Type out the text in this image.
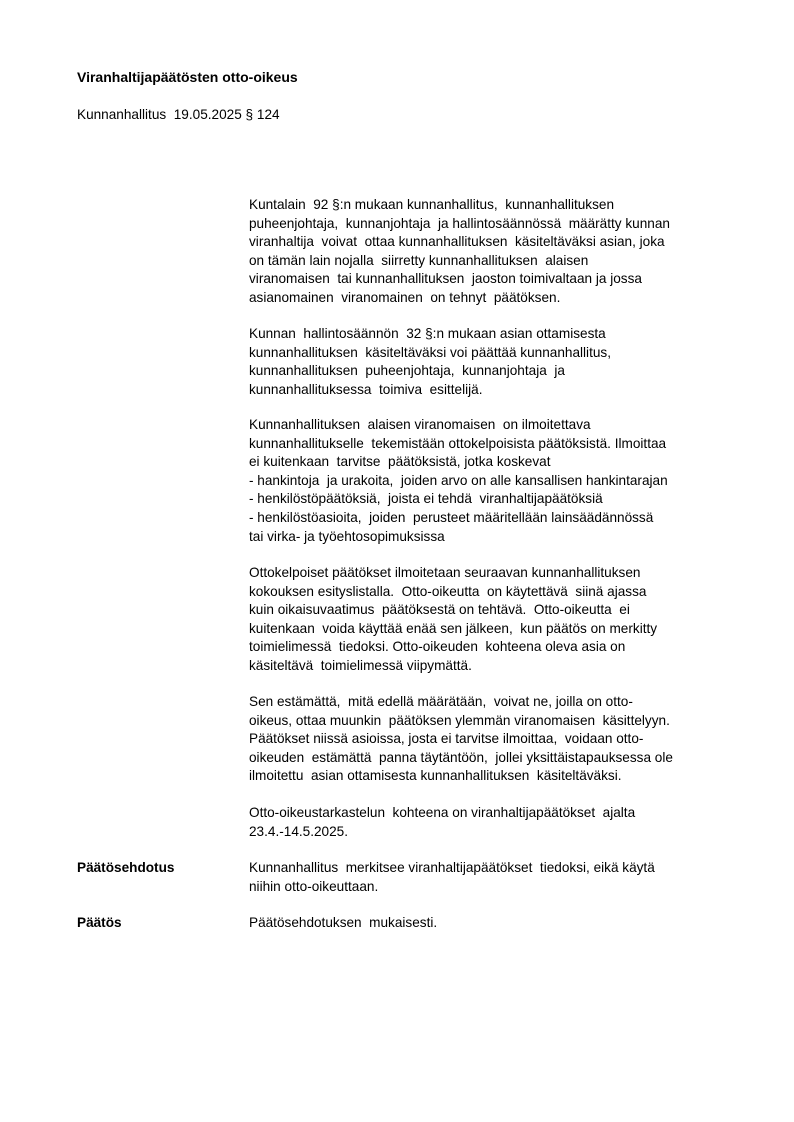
Viranhaltijapäätösten otto-oikeus
Kunnanhallitus  19.05.2025 § 124
Kuntalain  92 §:n mukaan kunnanhallitus,  kunnanhallituksen
puheenjohtaja,  kunnanjohtaja  ja hallintosäännössä  määrätty kunnan
viranhaltija  voivat  ottaa kunnanhallituksen  käsiteltäväksi asian, joka
on tämän lain nojalla  siirretty kunnanhallituksen  alaisen
viranomaisen  tai kunnanhallituksen  jaoston toimivaltaan ja jossa
asianomainen  viranomainen  on tehnyt  päätöksen.
Kunnan  hallintosäännön  32 §:n mukaan asian ottamisesta
kunnanhallituksen  käsiteltäväksi voi päättää kunnanhallitus,
kunnanhallituksen  puheenjohtaja,  kunnanjohtaja  ja
kunnanhallituksessa  toimiva  esittelijä.
Kunnanhallituksen  alaisen viranomaisen  on ilmoitettava
kunnanhallitukselle  tekemistään ottokelpoisista päätöksistä. Ilmoittaa
ei kuitenkaan  tarvitse  päätöksistä, jotka koskevat
- hankintoja  ja urakoita,  joiden arvo on alle kansallisen hankintarajan
- henkilöstöpäätöksiä,  joista ei tehdä  viranhaltijapäätöksiä
- henkilöstöasioita,  joiden  perusteet määritellään lainsäädännössä
tai virka- ja työehtosopimuksissa
Ottokelpoiset päätökset ilmoitetaan seuraavan kunnanhallituksen
kokouksen esityslistalla.  Otto-oikeutta  on käytettävä  siinä ajassa
kuin oikaisuvaatimus  päätöksestä on tehtävä.  Otto-oikeutta  ei
kuitenkaan  voida käyttää enää sen jälkeen,  kun päätös on merkitty
toimielimessä  tiedoksi. Otto-oikeuden  kohteena oleva asia on
käsiteltävä  toimielimessä viipymättä.
Sen estämättä,  mitä edellä määrätään,  voivat ne, joilla on otto-
oikeus, ottaa muunkin  päätöksen ylemmän viranomaisen  käsittelyyn.
Päätökset niissä asioissa, josta ei tarvitse ilmoittaa,  voidaan otto-
oikeuden  estämättä  panna täytäntöön,  jollei yksittäistapauksessa ole
ilmoitettu  asian ottamisesta kunnanhallituksen  käsiteltäväksi.
Otto-oikeustarkastelun  kohteena on viranhaltijapäätökset  ajalta
23.4.-14.5.2025.
Päätösehdotus	Kunnanhallitus  merkitsee viranhaltijapäätökset  tiedoksi, eikä käytä
niihin otto-oikeuttaan.
Päätös	Päätösehdotuksen  mukaisesti.
